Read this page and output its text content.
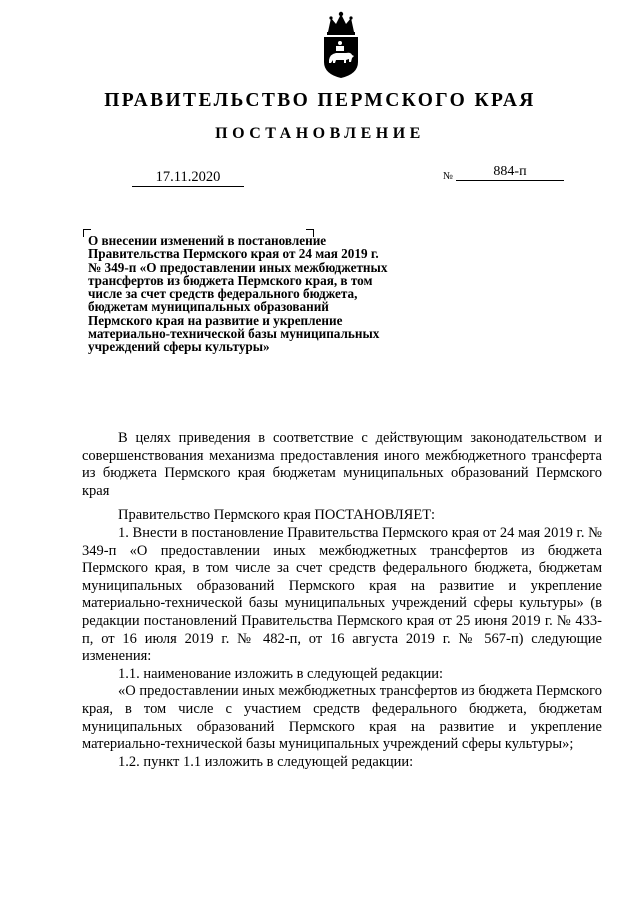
ПРАВИТЕЛЬСТВО ПЕРМСКОГО КРАЯ
ПОСТАНОВЛЕНИЕ
17.11.2020	№	884-п
О внесении изменений в постановление
Правительства Пермского края от 24 мая 2019 г.
№ 349-п «О предоставлении иных межбюджетных
трансфертов из бюджета Пермского края, в том
числе за счет средств федерального бюджета,
бюджетам муниципальных образований
Пермского края на развитие и укрепление
материально-технической базы муниципальных
учреждений сферы культуры»

В целях приведения в соответствие с действующим законодательством и совершенствования механизма предоставления иного межбюджетного трансферта из бюджета Пермского края бюджетам муниципальных образований Пермского края

Правительство Пермского края ПОСТАНОВЛЯЕТ:

1. Внести в постановление Правительства Пермского края от 24 мая 2019 г. № 349-п «О предоставлении иных межбюджетных трансфертов из бюджета Пермского края, в том числе за счет средств федерального бюджета, бюджетам муниципальных образований Пермского края на развитие и укрепление материально-технической базы муниципальных учреждений сферы культуры» (в редакции постановлений Правительства Пермского края от 25 июня 2019 г. № 433-п, от 16 июля 2019 г. № 482-п, от 16 августа 2019 г. № 567-п) следующие изменения:

1.1. наименование изложить в следующей редакции:

«О предоставлении иных межбюджетных трансфертов из бюджета Пермского края, в том числе с участием средств федерального бюджета, бюджетам муниципальных образований Пермского края на развитие и укрепление материально-технической базы муниципальных учреждений сферы культуры»;

1.2. пункт 1.1 изложить в следующей редакции:
